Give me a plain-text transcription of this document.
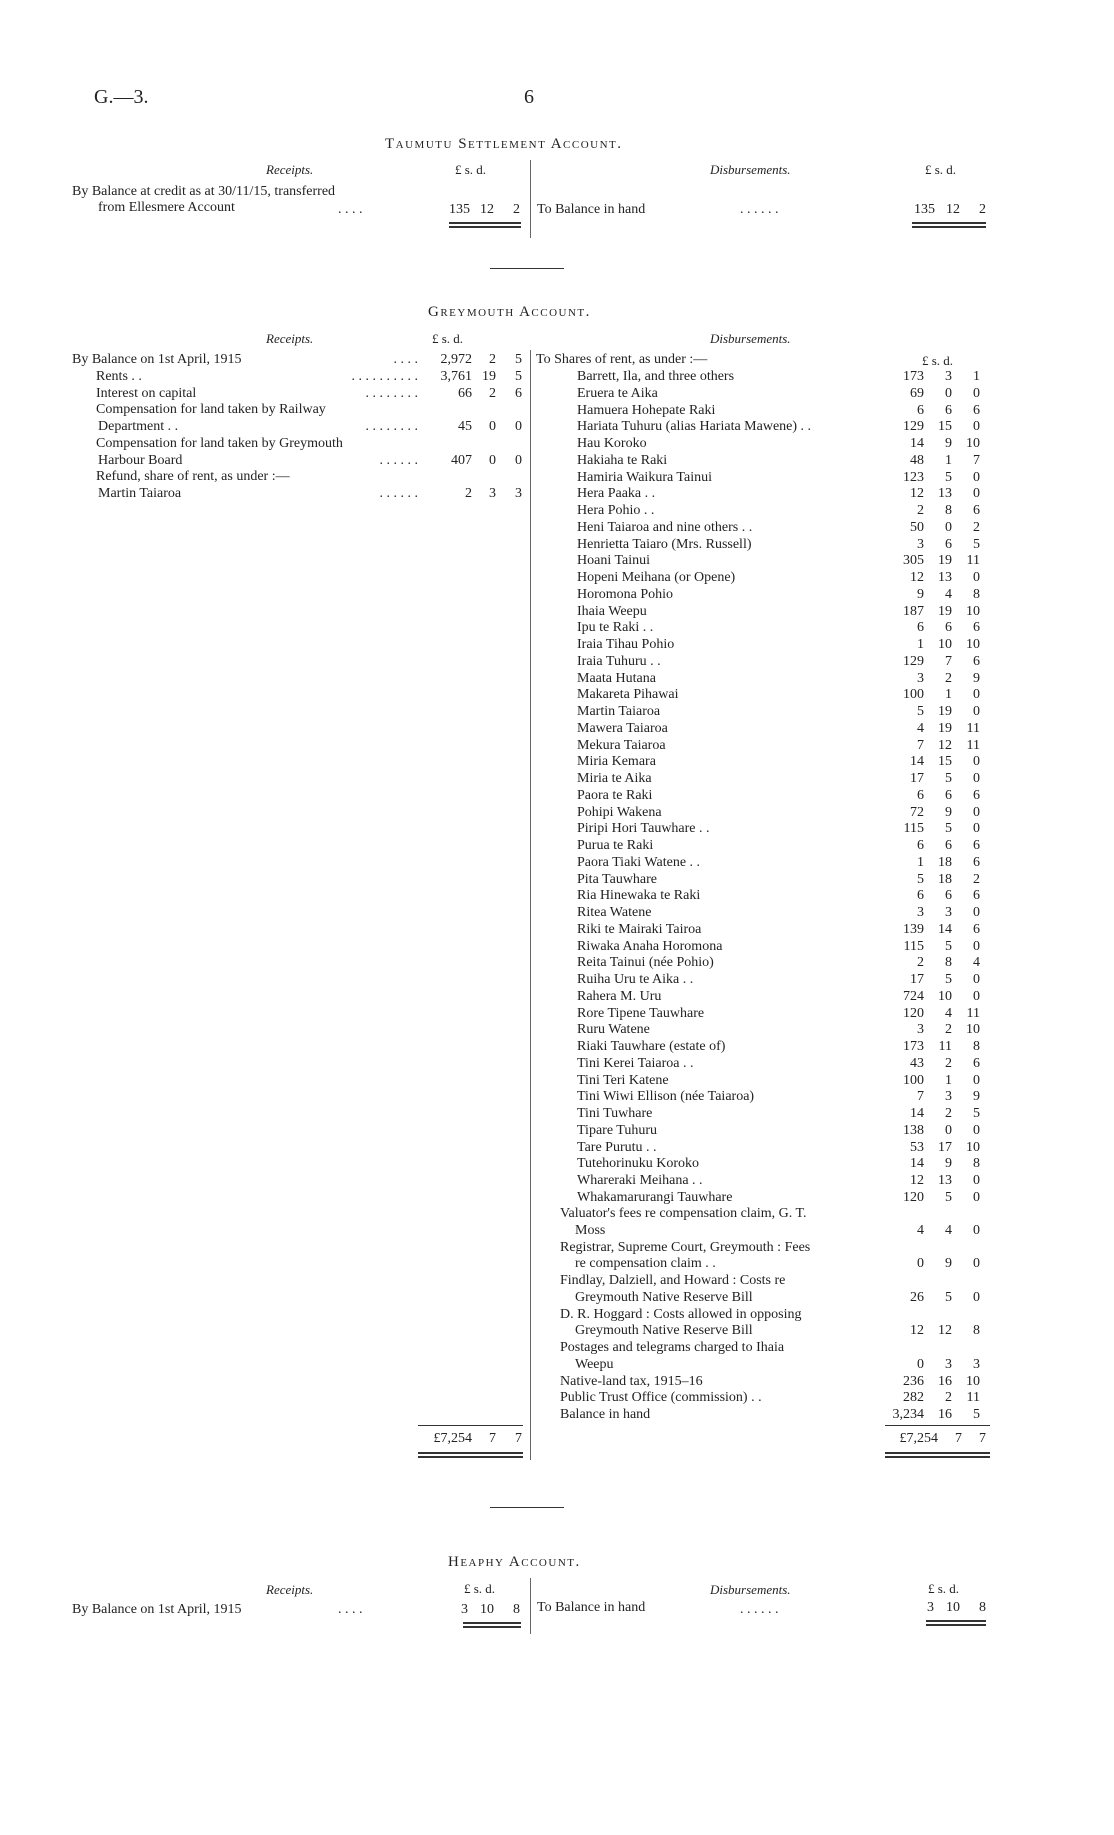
G.—3.	6
Taumutu Settlement Account.
Receipts.	£ s. d.	Disbursements.	£ s. d.
By Balance at credit as at 30/11/15, transferred
from Ellesmere Account	. . . .	135 12	2 To Balance in hand	. . . . . .	135 12	2
Greymouth Account.
Receipts.	£ s. d.	Disbursements.
By Balance on 1st April, 1915	. . . .	2,972	2	5
Rents . .	. . . . . . . . . .	3,761 19	5
Interest on capital	. . . . . . . .	66	2	6
Compensation for land taken by Railway
Department . .	. . . . . . . .	45	0	0
Compensation for land taken by Greymouth
Harbour Board	. . . . . .	407	0	0
Refund, share of rent, as under :—
Martin Taiaroa	. . . . . .	2	3	3
To Shares of rent, as under :—	£ s. d.
Barrett, Ila, and three others	173	3	1
Eruera te Aika	69	0	0
Hamuera Hohepate Raki	6	6	6
Hariata Tuhuru (alias Hariata Mawene) . .	129	15	0
Hau Koroko	14	9	10
Hakiaha te Raki	48	1	7
Hamiria Waikura Tainui	123	5	0
Hera Paaka . .	12	13	0
Hera Pohio . .	2	8	6
Heni Taiaroa and nine others . .	50	0	2
Henrietta Taiaro (Mrs. Russell)	3	6	5
Hoani Tainui	305	19	11
Hopeni Meihana (or Opene)	12	13	0
Horomona Pohio	9	4	8
Ihaia Weepu	187	19	10
Ipu te Raki . .	6	6	6
Iraia Tihau Pohio	1	10	10
Iraia Tuhuru . .	129	7	6
Maata Hutana	3	2	9
Makareta Pihawai	100	1	0
Martin Taiaroa	5	19	0
Mawera Taiaroa	4	19	11
Mekura Taiaroa	7	12	11
Miria Kemara	14	15	0
Miria te Aika	17	5	0
Paora te Raki	6	6	6
Pohipi Wakena	72	9	0
Piripi Hori Tauwhare . .	115	5	0
Purua te Raki	6	6	6
Paora Tiaki Watene . .	1	18	6
Pita Tauwhare	5	18	2
Ria Hinewaka te Raki	6	6	6
Ritea Watene	3	3	0
Riki te Mairaki Tairoa	139	14	6
Riwaka Anaha Horomona	115	5	0
Reita Tainui (née Pohio)	2	8	4
Ruiha Uru te Aika . .	17	5	0
Rahera M. Uru	724	10	0
Rore Tipene Tauwhare	120	4	11
Ruru Watene	3	2	10
Riaki Tauwhare (estate of)	173	11	8
Tini Kerei Taiaroa . .	43	2	6
Tini Teri Katene	100	1	0
Tini Wiwi Ellison (née Taiaroa)	7	3	9
Tini Tuwhare	14	2	5
Tipare Tuhuru	138	0	0
Tare Purutu . .	53	17	10
Tutehorinuku Koroko	14	9	8
Whareraki Meihana . .	12	13	0
Whakamarurangi Tauwhare	120	5	0
Valuator's fees re compensation claim, G. T.
Moss	4	4	0
Registrar, Supreme Court, Greymouth : Fees
re compensation claim . .	0	9	0
Findlay, Dalziell, and Howard : Costs re
Greymouth Native Reserve Bill	26	5	0
D. R. Hoggard : Costs allowed in opposing
Greymouth Native Reserve Bill	12	12	8
Postages and telegrams charged to Ihaia
Weepu	0	3	3
Native-land tax, 1915–16	236	16	10
Public Trust Office (commission) . .	282	2	11
Balance in hand	3,234	16	5
£7,254	7	7	£7,254	7	7
Heaphy Account.
Receipts.	£ s. d.	Disbursements.	£ s. d.
By Balance on 1st April, 1915	. . . .	3 10	8 To Balance in hand	. . . . . .	3 10	8
